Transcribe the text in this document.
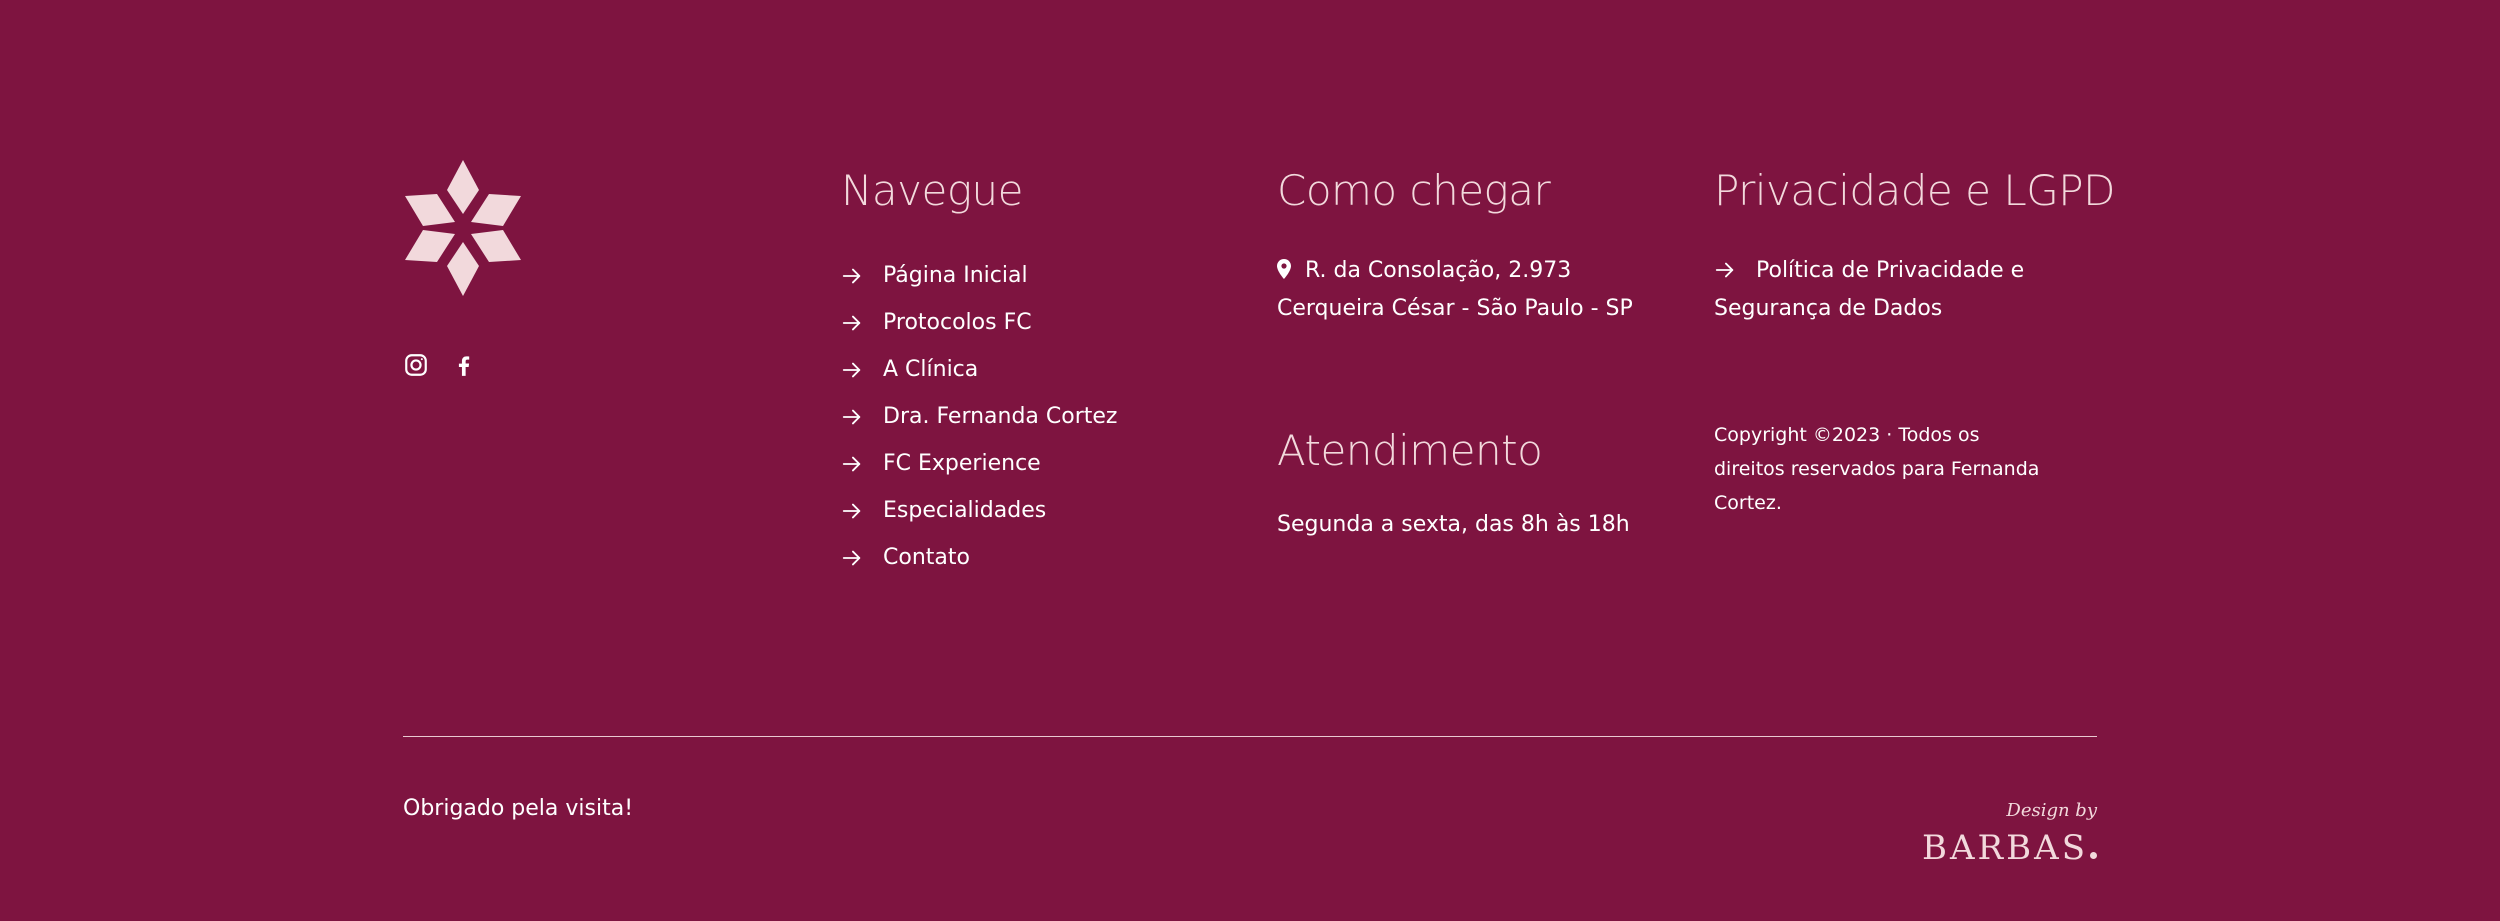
Navegue
Página Inicial
Protocolos FC
A Clínica
Dra. Fernanda Cortez
FC Experience
Especialidades
Contato
Como chegar
R. da Consolação, 2.973 Cerqueira César - São Paulo - SP
Atendimento
Segunda a sexta, das 8h às 18h
Privacidade e LGPD
Política de Privacidade e Segurança de Dados
Copyright ©2023 · Todos os direitos reservados para Fernanda Cortez.
Obrigado pela visita!	Design by
BARBAS
